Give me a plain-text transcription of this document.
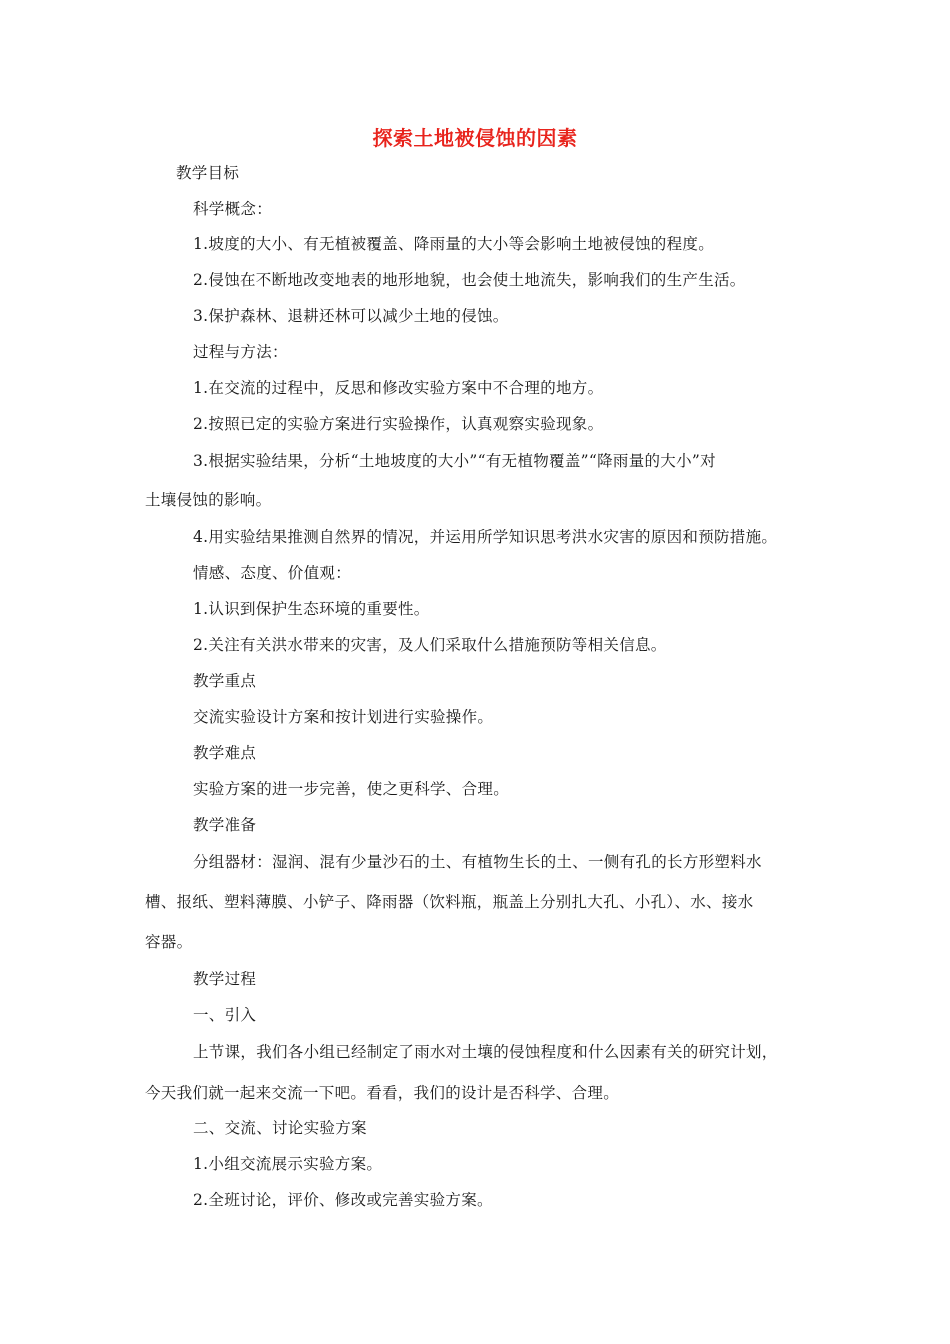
探索土地被侵蚀的因素
教学目标
科学概念：
1.坡度的大小、有无植被覆盖、降雨量的大小等会影响土地被侵蚀的程度。
2.侵蚀在不断地改变地表的地形地貌，也会使土地流失，影响我们的生产生活。
3.保护森林、退耕还林可以减少土地的侵蚀。
过程与方法：
1.在交流的过程中，反思和修改实验方案中不合理的地方。
2.按照已定的实验方案进行实验操作，认真观察实验现象。
3.根据实验结果，分析“土地坡度的大小”“有无植物覆盖”“降雨量的大小”对
土壤侵蚀的影响。
4.用实验结果推测自然界的情况，并运用所学知识思考洪水灾害的原因和预防措施。
情感、态度、价值观：
1.认识到保护生态环境的重要性。
2.关注有关洪水带来的灾害，及人们采取什么措施预防等相关信息。
教学重点
交流实验设计方案和按计划进行实验操作。
教学难点
实验方案的进一步完善，使之更科学、合理。
教学准备
分组器材：湿润、混有少量沙石的土、有植物生长的土、一侧有孔的长方形塑料水
槽、报纸、塑料薄膜、小铲子、降雨器（饮料瓶，瓶盖上分别扎大孔、小孔）、水、接水
容器。
教学过程
一、引入
上节课，我们各小组已经制定了雨水对土壤的侵蚀程度和什么因素有关的研究计划，
今天我们就一起来交流一下吧。看看，我们的设计是否科学、合理。
二、交流、讨论实验方案
1.小组交流展示实验方案。
2.全班讨论，评价、修改或完善实验方案。
